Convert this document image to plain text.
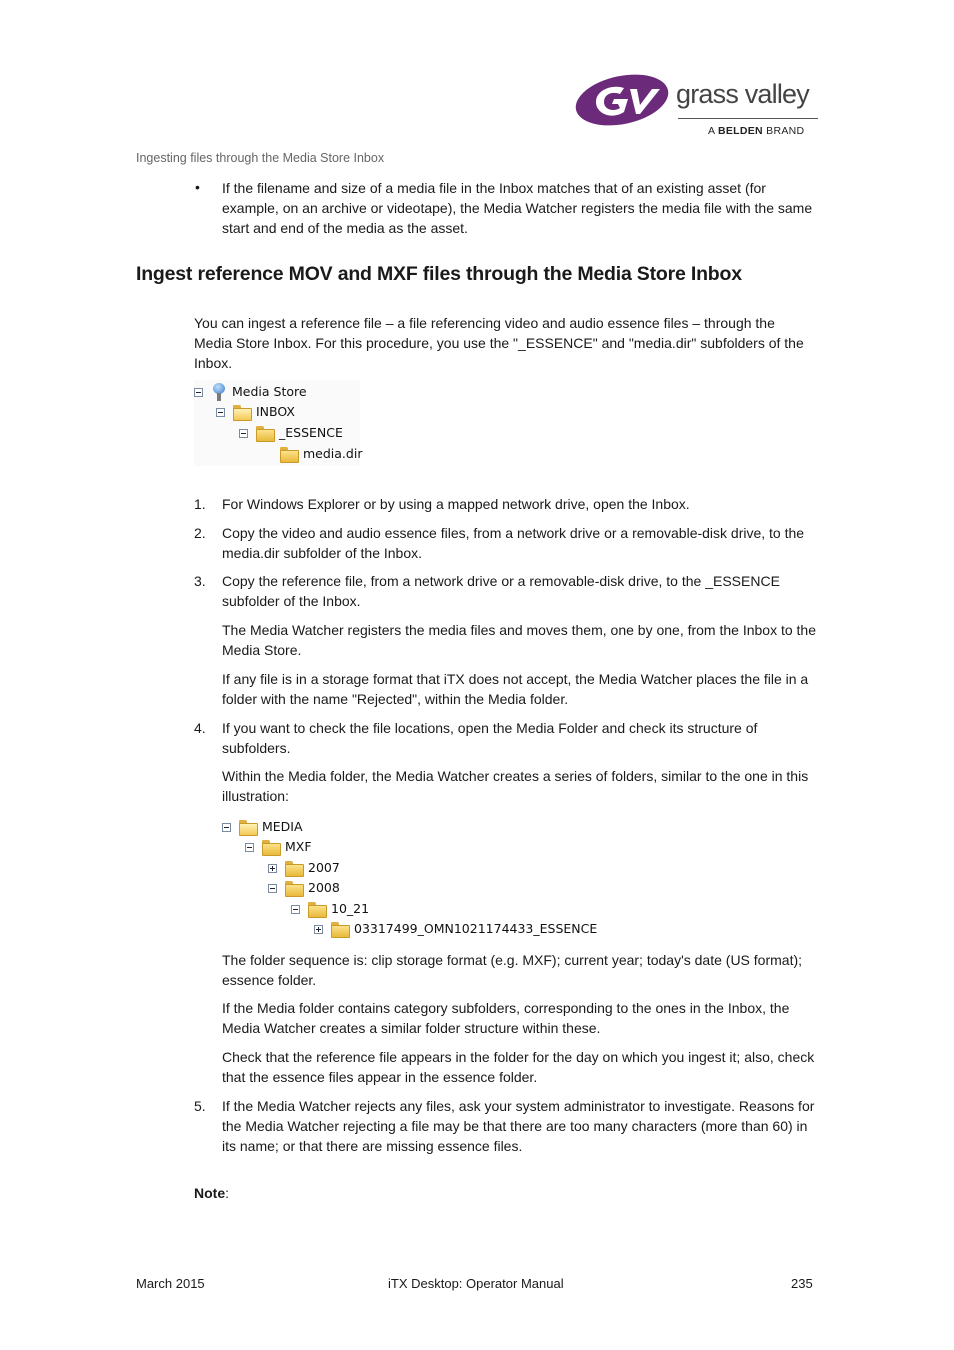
grass valley
A BELDEN BRAND
Ingesting files through the Media Store Inbox
• If the filename and size of a media file in the Inbox matches that of an existing asset (for example, on an archive or videotape), the Media Watcher registers the media file with the same start and end of the media as the asset.

Ingest reference MOV and MXF files through the Media Store Inbox

You can ingest a reference file – a file referencing video and audio essence files – through the Media Store Inbox. For this procedure, you use the "_ESSENCE" and "media.dir" subfolders of the Inbox.

Media Store
INBOX
_ESSENCE
media.dir
1. For Windows Explorer or by using a mapped network drive, open the Inbox.

2. Copy the video and audio essence files, from a network drive or a removable-disk drive, to the media.dir subfolder of the Inbox.

3. Copy the reference file, from a network drive or a removable-disk drive, to the _ESSENCE subfolder of the Inbox.

The Media Watcher registers the media files and moves them, one by one, from the Inbox to the Media Store.

If any file is in a storage format that iTX does not accept, the Media Watcher places the file in a folder with the name "Rejected", within the Media folder.

4. If you want to check the file locations, open the Media Folder and check its structure of subfolders.

Within the Media folder, the Media Watcher creates a series of folders, similar to the one in this illustration:

MEDIA
MXF
2007
2008
10_21
03317499_OMN1021174433_ESSENCE

The folder sequence is: clip storage format (e.g. MXF); current year; today's date (US format); essence folder.

If the Media folder contains category subfolders, corresponding to the ones in the Inbox, the Media Watcher creates a similar folder structure within these.

Check that the reference file appears in the folder for the day on which you ingest it; also, check that the essence files appear in the essence folder.

5. If the Media Watcher rejects any files, ask your system administrator to investigate. Reasons for the Media Watcher rejecting a file may be that there are too many characters (more than 60) in its name; or that there are missing essence files.

Note:
March 2015	iTX Desktop: Operator Manual	235
